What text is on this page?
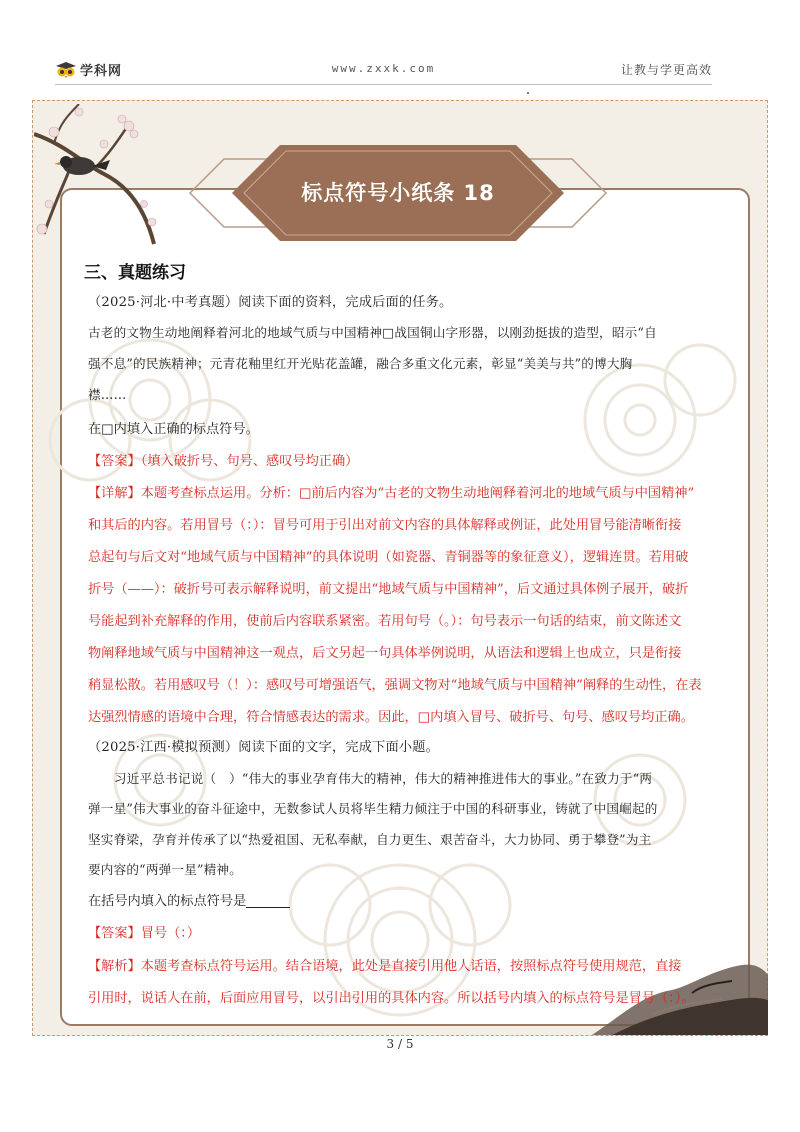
学科网	www.zxxk.com	让教与学更高效
标点符号小纸条 18
三、真题练习
（2025·河北·中考真题）阅读下面的资料，完成后面的任务。
古老的文物生动地阐释着河北的地域气质与中国精神□战国铜山字形器，以刚劲挺拔的造型，昭示“自
强不息”的民族精神；元青花釉里红开光贴花盖罐，融合多重文化元素，彰显“美美与共”的博大胸
襟……
在□内填入正确的标点符号。
【答案】（填入破折号、句号、感叹号均正确）
【详解】本题考查标点运用。分析：□前后内容为“古老的文物生动地阐释着河北的地域气质与中国精神”
和其后的内容。若用冒号（：）：冒号可用于引出对前文内容的具体解释或例证，此处用冒号能清晰衔接
总起句与后文对“地域气质与中国精神”的具体说明（如瓷器、青铜器等的象征意义），逻辑连贯。若用破
折号（——）：破折号可表示解释说明，前文提出“地域气质与中国精神”，后文通过具体例子展开，破折
号能起到补充解释的作用，使前后内容联系紧密。若用句号（。）：句号表示一句话的结束，前文陈述文
物阐释地域气质与中国精神这一观点，后文另起一句具体举例说明，从语法和逻辑上也成立，只是衔接
稍显松散。若用感叹号（！）：感叹号可增强语气，强调文物对“地域气质与中国精神”阐释的生动性，在表
达强烈情感的语境中合理，符合情感表达的需求。因此，□内填入冒号、破折号、句号、感叹号均正确。
（2025·江西·模拟预测）阅读下面的文字，完成下面小题。
习近平总书记说（　）“伟大的事业孕育伟大的精神，伟大的精神推进伟大的事业。”在致力于“两
弹一星”伟大事业的奋斗征途中，无数参试人员将毕生精力倾注于中国的科研事业，铸就了中国崛起的
坚实脊梁，孕育并传承了以“热爱祖国、无私奉献，自力更生、艰苦奋斗，大力协同、勇于攀登”为主
要内容的“两弹一星”精神。
在括号内填入的标点符号是
【答案】冒号（：）
【解析】本题考查标点符号运用。结合语境，此处是直接引用他人话语，按照标点符号使用规范，直接
引用时，说话人在前，后面应用冒号，以引出引用的具体内容。所以括号内填入的标点符号是冒号（：）。
3 / 5
